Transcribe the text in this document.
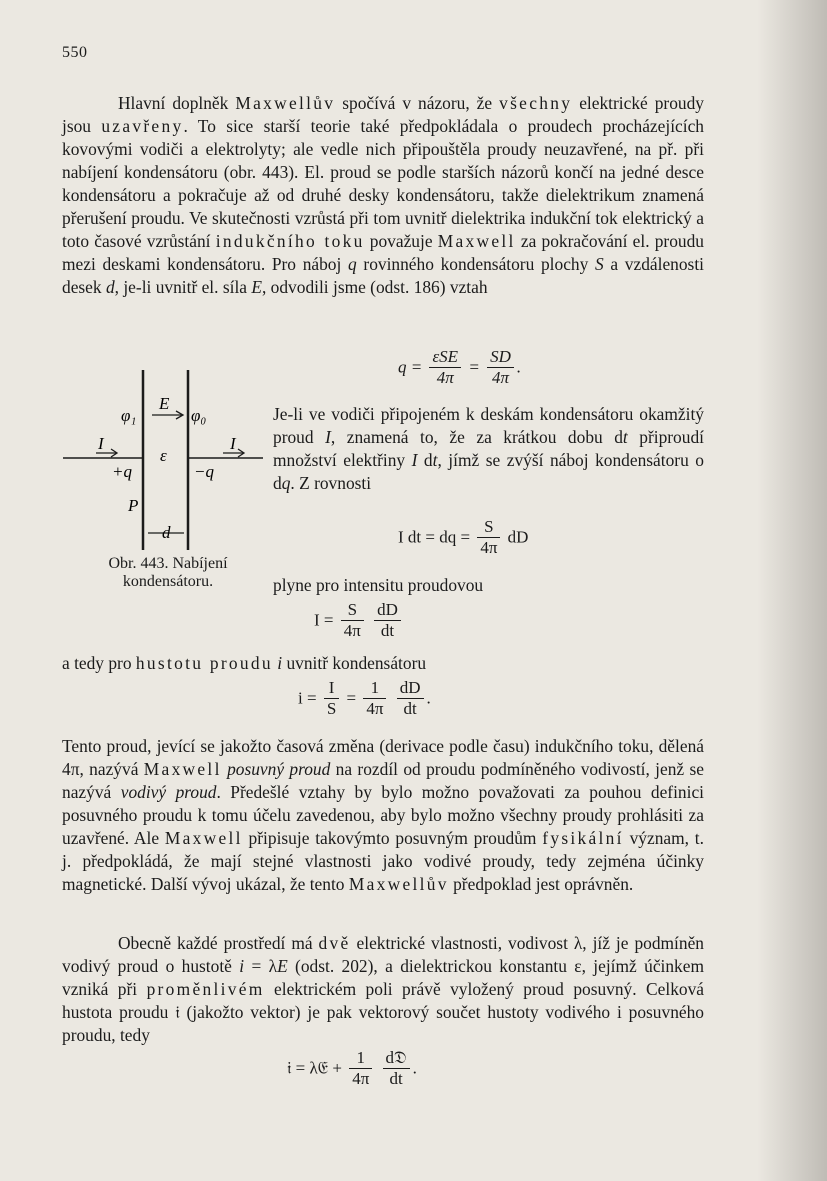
550
Hlavní doplněk Maxwellův spočívá v názoru, že všechny elektrické proudy jsou uzavřeny. To sice starší teorie také předpokládala o proudech procházejících kovovými vodiči a elektrolyty; ale vedle nich připouštěla proudy neuzavřené, na př. při nabíjení kondensátoru (obr. 443). El. proud se podle starších názorů končí na jedné desce kondensátoru a pokračuje až od druhé desky kondensátoru, takže dielektrikum znamená přerušení proudu. Ve skutečnosti vzrůstá při tom uvnitř dielektrika indukční tok elektrický a toto časové vzrůstání indukčního toku považuje Maxwell za pokračování el. proudu mezi deskami kondensátoru. Pro náboj q rovinného kondensátoru plochy S a vzdálenosti desek d, je-li uvnitř el. síla E, odvodili jsme (odst. 186) vztah
$q = \frac{\text{εSE}}{4\pi} = \frac{SD}{4\pi}$ .
φ₁
E
φ₀
I
ε
I
+q	−q
P
d
Obr. 443. Nabíjení
kondensátoru.
Je-li ve vodiči připojeném k deskám kondensátoru okamžitý proud I, znamená to, že za krátkou dobu dt připroudí množství elektřiny I dt, jímž se zvýší náboj kondensátoru o dq. Z rovnosti
I dt = dq = $\frac{S}{4\pi}$ dD
plyne pro intensitu proudovou
$I = \frac{S}{4\pi}$
$\frac{dD}{dt}$
a tedy pro hustotu proudu i uvnitř kondensátoru
$i = \frac{I}{S} = \frac{1}{4\pi}$
$\frac{dD}{dt}$ .
Tento proud, jevící se jakožto časová změna (derivace podle času) indukčního toku, dělená 4π, nazývá Maxwell posuvný proud na rozdíl od proudu podmíněného vodivostí, jenž se nazývá vodivý proud. Předešlé vztahy by bylo možno považovati za pouhou definici posuvného proudu k tomu účelu zavedenou, aby bylo možno všechny proudy prohlásiti za uzavřené. Ale Maxwell připisuje takovýmto posuvným proudům fysikální význam, t. j. předpokládá, že mají stejné vlastnosti jako vodivé proudy, tedy zejména účinky magnetické. Další vývoj ukázal, že tento Maxwellův předpoklad jest oprávněn.
Obecně každé prostředí má dvě elektrické vlastnosti, vodivost λ, jíž je podmíněn vodivý proud o hustotě i = λE (odst. 202), a dielektrickou konstantu ε, jejímž účinkem vzniká při proměnlivém elektrickém poli právě vyložený proud posuvný. Celková hustota proudu 𝔦 (jakožto vektor) je pak vektorový součet hustoty vodivého i posuvného proudu, tedy
𝔦 = λ𝔈 + $\frac{1}{4\pi}$
$\frac{\text{d𝔇}}{dt}$ .
